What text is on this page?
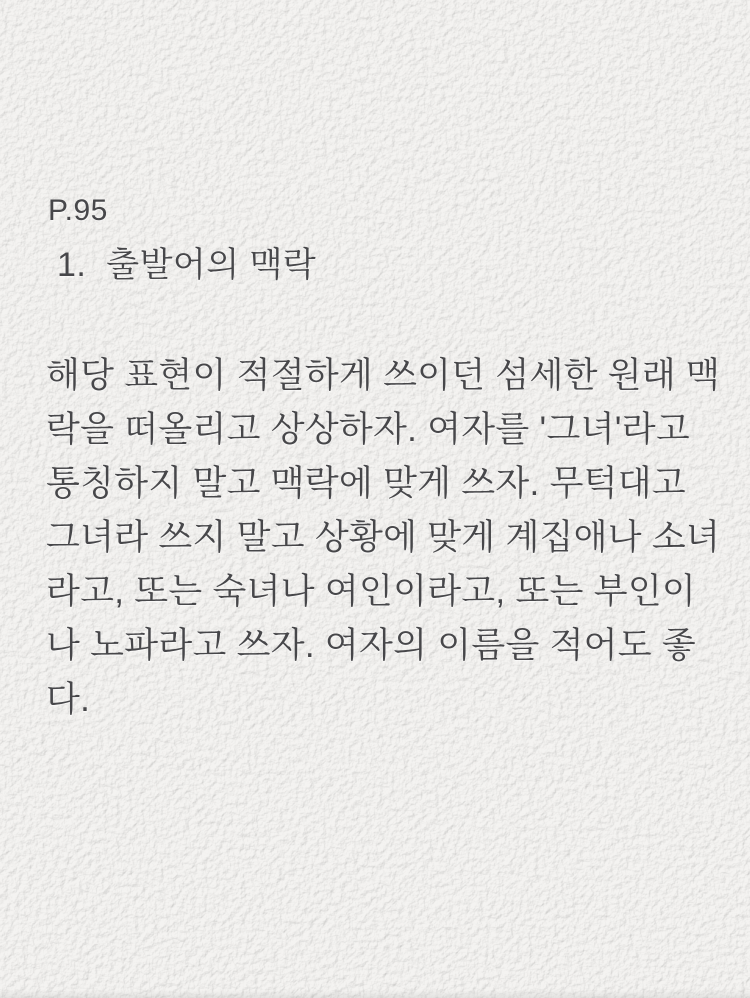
P.95
1.  출발어의 맥락
해당 표현이 적절하게 쓰이던 섬세한 원래 맥
락을 떠올리고 상상하자. 여자를 '그녀'라고
통칭하지 말고 맥락에 맞게 쓰자. 무턱대고
그녀라 쓰지 말고 상황에 맞게 계집애나 소녀
라고, 또는 숙녀나 여인이라고, 또는 부인이
나 노파라고 쓰자. 여자의 이름을 적어도 좋
다.
